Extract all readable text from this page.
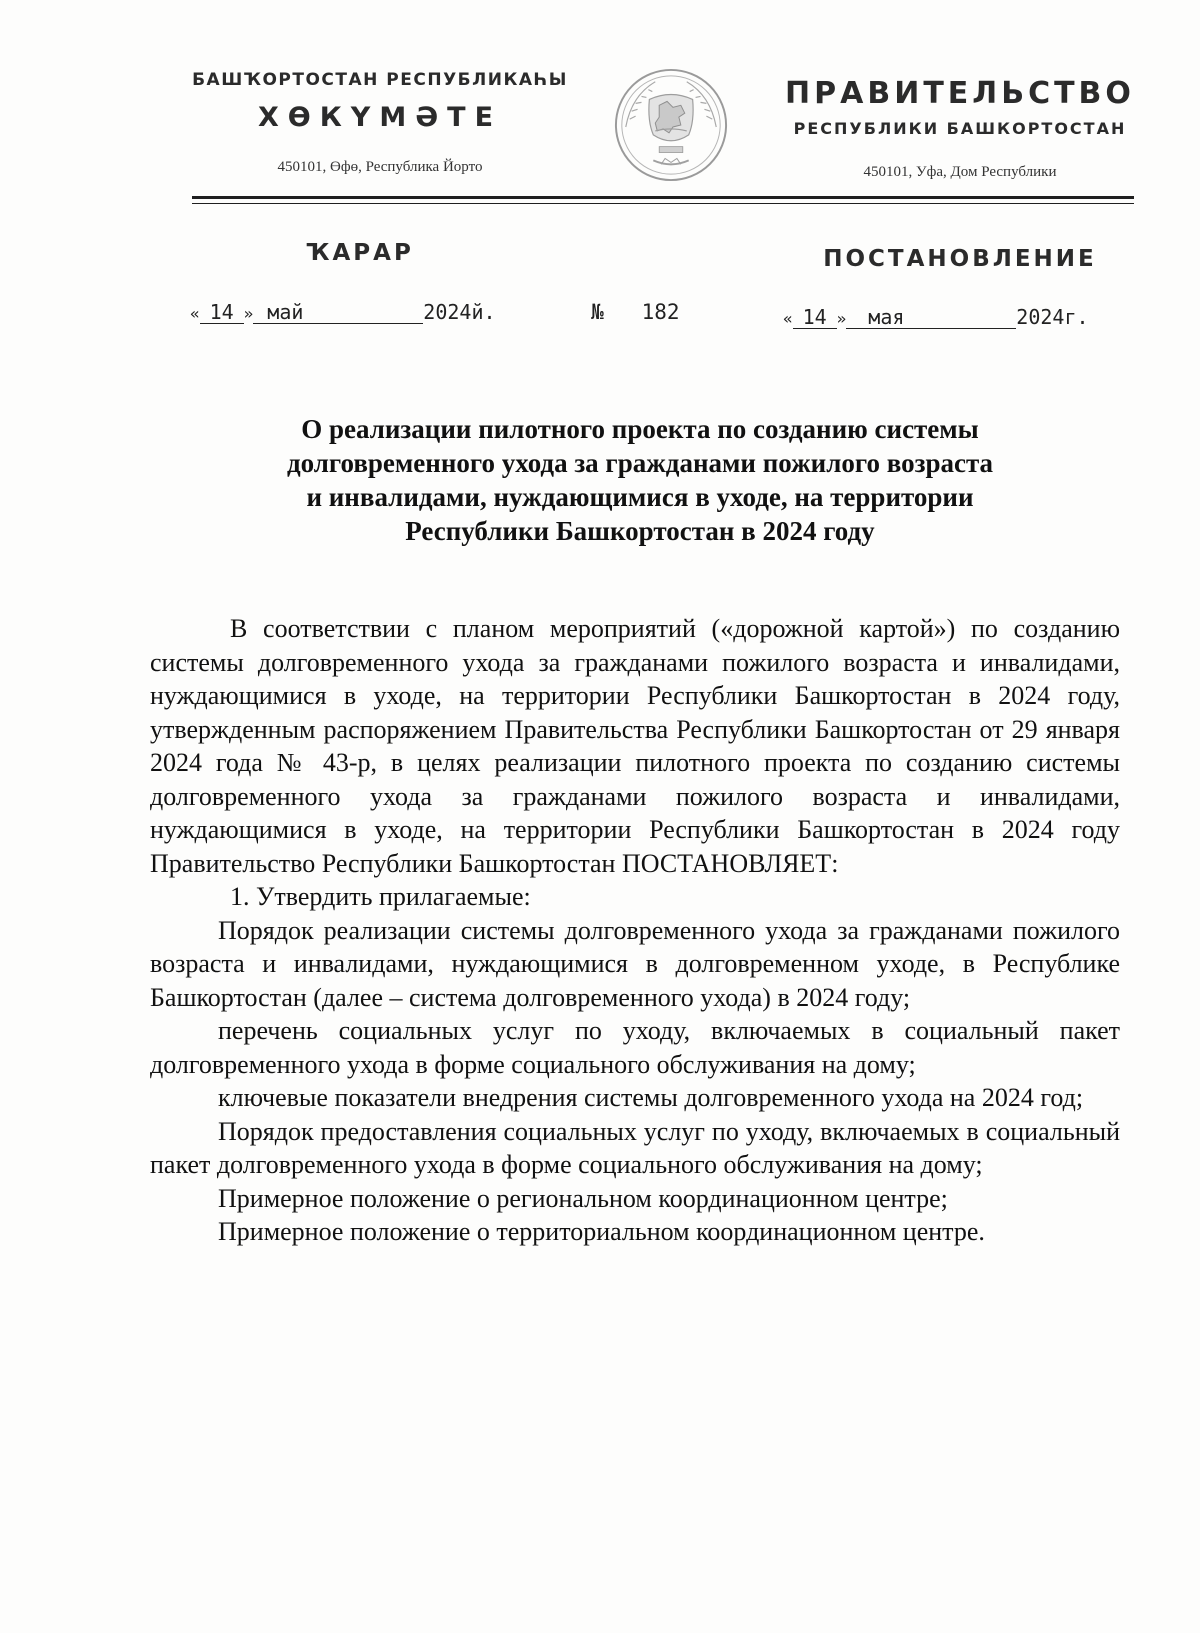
БАШҠОРТОСТАН РЕСПУБЛИКАҺЫ
ХӨКҮМӘТЕ
450101, Өфө, Республика Йорто
ПРАВИТЕЛЬСТВО
РЕСПУБЛИКИ БАШКОРТОСТАН
450101, Уфа, Дом Республики
ҠАРАР	ПОСТАНОВЛЕНИЕ
« 14 » май	2024й.	№ 182	« 14 » мая	2024г.
О реализации пилотного проекта по созданию системы
долговременного ухода за гражданами пожилого возраста
и инвалидами, нуждающимися в уходе, на территории
Республики Башкортостан в 2024 году

В соответствии с планом мероприятий («дорожной картой») по созданию системы долговременного ухода за гражданами пожилого возраста и инвалидами, нуждающимися в уходе, на территории Республики Башкортостан в 2024 году, утвержденным распоряжением Правительства Республики Башкортостан от 29 января 2024 года № 43-р, в целях реализации пилотного проекта по созданию системы долговременного ухода за гражданами пожилого возраста и инвалидами, нуждающимися в уходе, на территории Республики Башкортостан в 2024 году Правительство Республики Башкортостан ПОСТАНОВЛЯЕТ:

1. Утвердить прилагаемые:

Порядок реализации системы долговременного ухода за гражданами пожилого возраста и инвалидами, нуждающимися в долговременном уходе, в Республике Башкортостан (далее – система долговременного ухода) в 2024 году;

перечень социальных услуг по уходу, включаемых в социальный пакет долговременного ухода в форме социального обслуживания на дому;

ключевые показатели внедрения системы долговременного ухода на 2024 год;

Порядок предоставления социальных услуг по уходу, включаемых в социальный пакет долговременного ухода в форме социального обслуживания на дому;

Примерное положение о региональном координационном центре;

Примерное положение о территориальном координационном центре.
